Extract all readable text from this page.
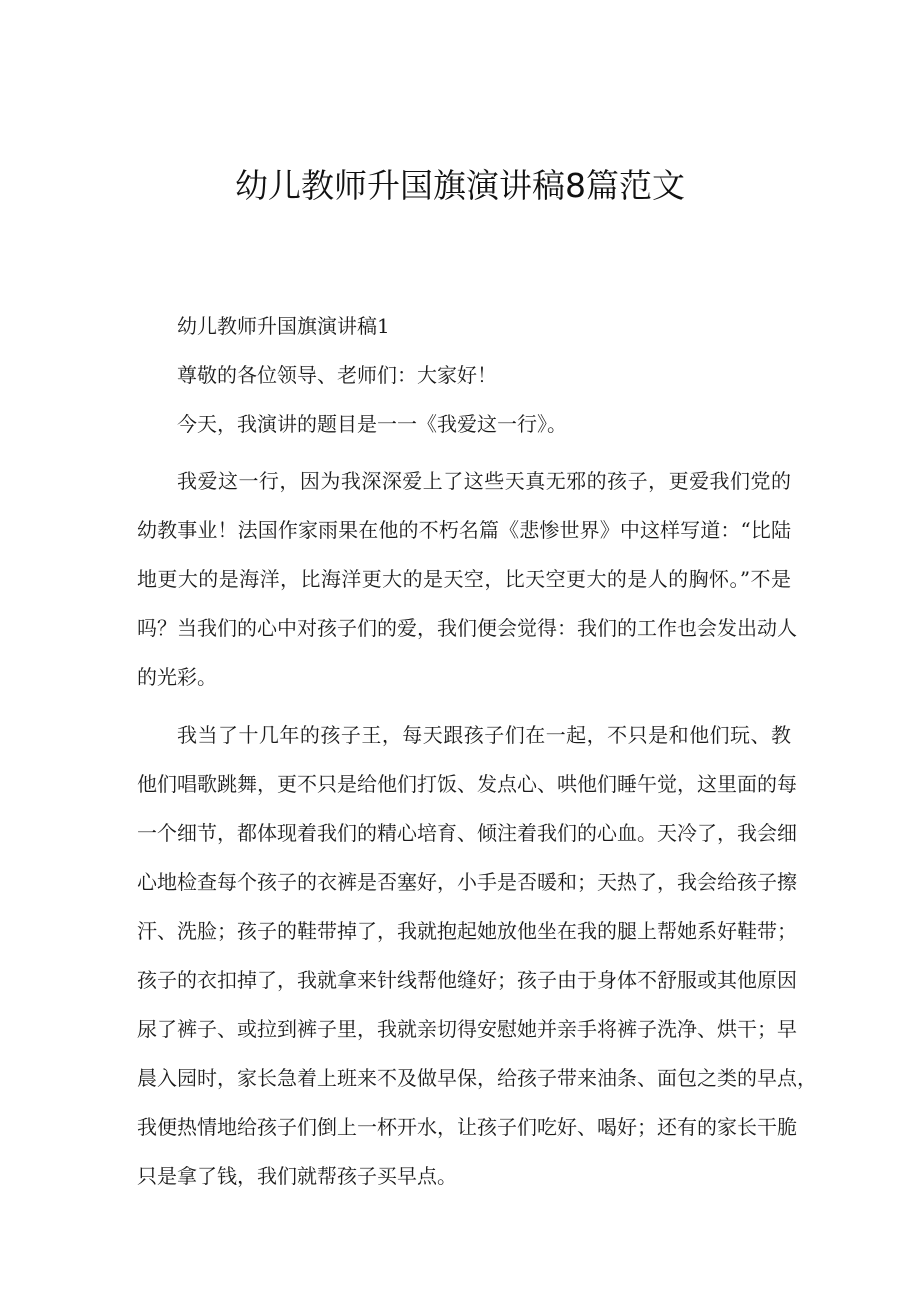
幼儿教师升国旗演讲稿8篇范文

幼儿教师升国旗演讲稿1

尊敬的各位领导、老师们：大家好！

今天，我演讲的题目是一一《我爱这一行》。

我爱这一行，因为我深深爱上了这些天真无邪的孩子，更爱我们党的
幼教事业！法国作家雨果在他的不朽名篇《悲惨世界》中这样写道：“比陆
地更大的是海洋，比海洋更大的是天空，比天空更大的是人的胸怀。”不是
吗？当我们的心中对孩子们的爱，我们便会觉得：我们的工作也会发出动人
的光彩。
我当了十几年的孩子王，每天跟孩子们在一起，不只是和他们玩、教
他们唱歌跳舞，更不只是给他们打饭、发点心、哄他们睡午觉，这里面的每
一个细节，都体现着我们的精心培育、倾注着我们的心血。天冷了，我会细
心地检查每个孩子的衣裤是否塞好，小手是否暖和；天热了，我会给孩子擦
汗、洗脸；孩子的鞋带掉了，我就抱起她放他坐在我的腿上帮她系好鞋带；
孩子的衣扣掉了，我就拿来针线帮他缝好；孩子由于身体不舒服或其他原因
尿了裤子、或拉到裤子里，我就亲切得安慰她并亲手将裤子洗净、烘干；早
晨入园时，家长急着上班来不及做早保，给孩子带来油条、面包之类的早点，
我便热情地给孩子们倒上一杯开水，让孩子们吃好、喝好；还有的家长干脆
只是拿了钱，我们就帮孩子买早点。
